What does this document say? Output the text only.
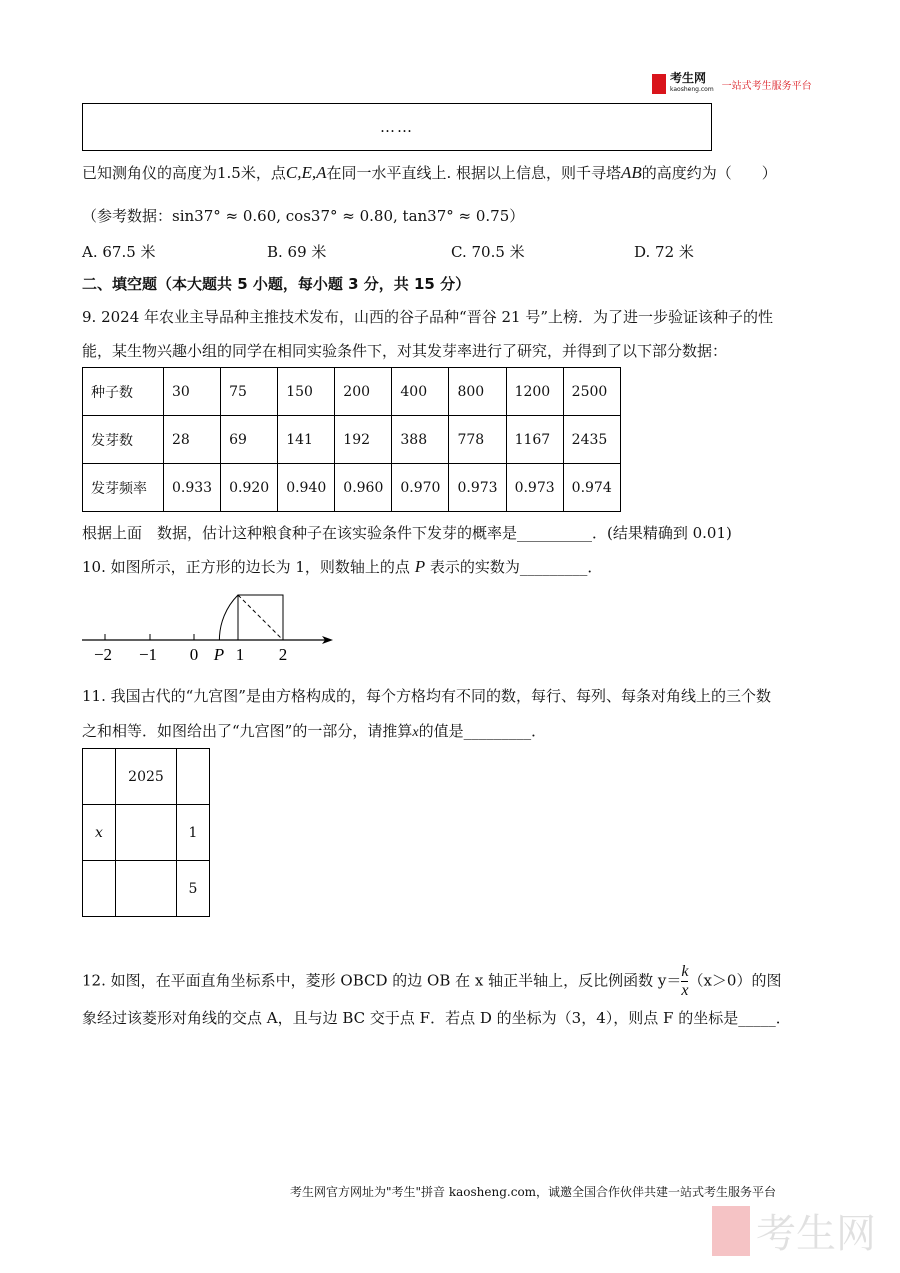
考生网
kaosheng.com 一站式考生服务平台
……
已知测角仪的高度为1.5米，点C,E,A在同一水平直线上. 根据以上信息，则千寻塔AB的高度约为（　　）
（参考数据：sin37° ≈ 0.60, cos37° ≈ 0.80, tan37° ≈ 0.75）
A. 67.5 米	B. 69 米	C. 70.5 米	D. 72 米
二、填空题（本大题共 5 小题，每小题 3 分，共 15 分）
9. 2024 年农业主导品种主推技术发布，山西的谷子品种“晋谷 21 号”上榜．为了进一步验证该种子的性
能，某生物兴趣小组的同学在相同实验条件下，对其发芽率进行了研究，并得到了以下部分数据：
种子数	30	75	150	200	400	800	1200	2500
发芽数	28	69	141	192	388	778	1167	2435
发芽频率	0.933	0.920	0.940	0.960	0.970	0.973	0.973	0.974
根据上面　数据，估计这种粮食种子在该实验条件下发芽的概率是__________．(结果精确到 0.01)
10. 如图所示，正方形的边长为 1，则数轴上的点 P 表示的实数为_________．
−2 −1 0 P 1 2
11. 我国古代的“九宫图”是由方格构成的，每个方格均有不同的数，每行、每列、每条对角线上的三个数
之和相等．如图给出了“九宫图”的一部分，请推算x的值是_________．
	2025	
x		1
		5
12. 如图，在平面直角坐标系中，菱形 OBCD 的边 OB 在 x 轴正半轴上，反比例函数 $y= \frac{k}{x} (x>0)$的图
象经过该菱形对角线的交点 A，且与边 BC 交于点 F．若点 D 的坐标为（3，4），则点 F 的坐标是_____．
考生网官方网址为"考生"拼音 kaosheng.com，诚邀全国合作伙伴共建一站式考生服务平台
考生网
